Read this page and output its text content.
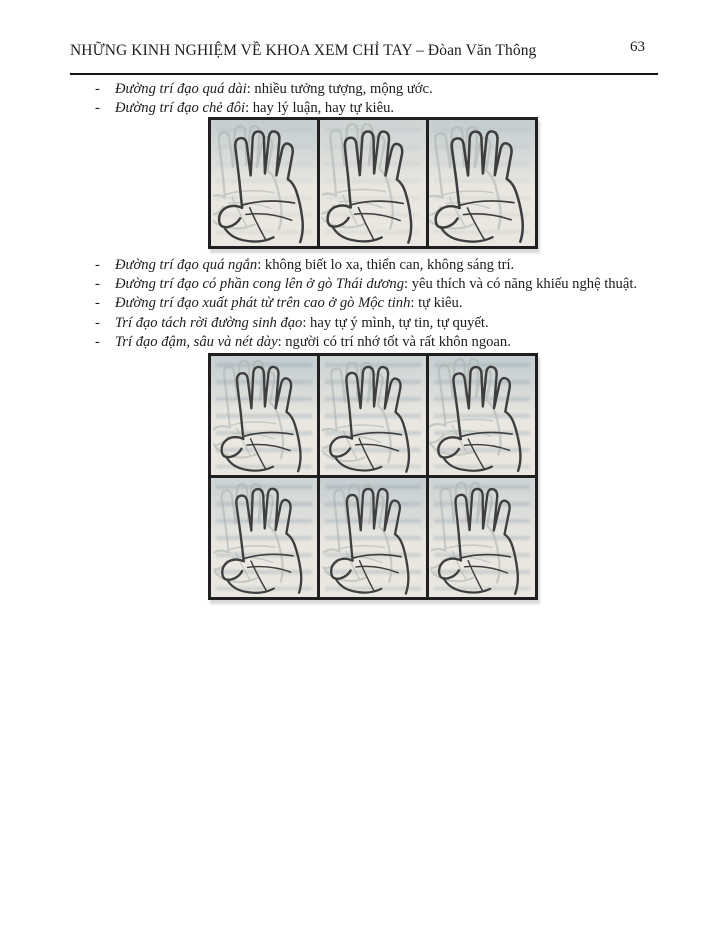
NHỮNG KINH NGHIỆM VỀ KHOA XEM CHỈ TAY – Đòan Văn Thông	63
- Đường trí đạo quá dài: nhiều tưởng tượng, mộng ước.
- Đường trí đạo chẻ đôi: hay lý luận, hay tự kiêu.
- Đường trí đạo quá ngắn: không biết lo xa, thiển can, không sáng trí.
- Đường trí đạo có phần cong lên ở gò Thái dương: yêu thích và có năng khiếu nghệ thuật.
- Đường trí đạo xuất phát từ trên cao ở gò Mộc tinh: tự kiêu.
- Trí đạo tách rời đường sinh đạo: hay tự ý mình, tự tin, tự quyết.
- Trí đạo đậm, sâu và nét dày: người có trí nhớ tốt và rất khôn ngoan.
